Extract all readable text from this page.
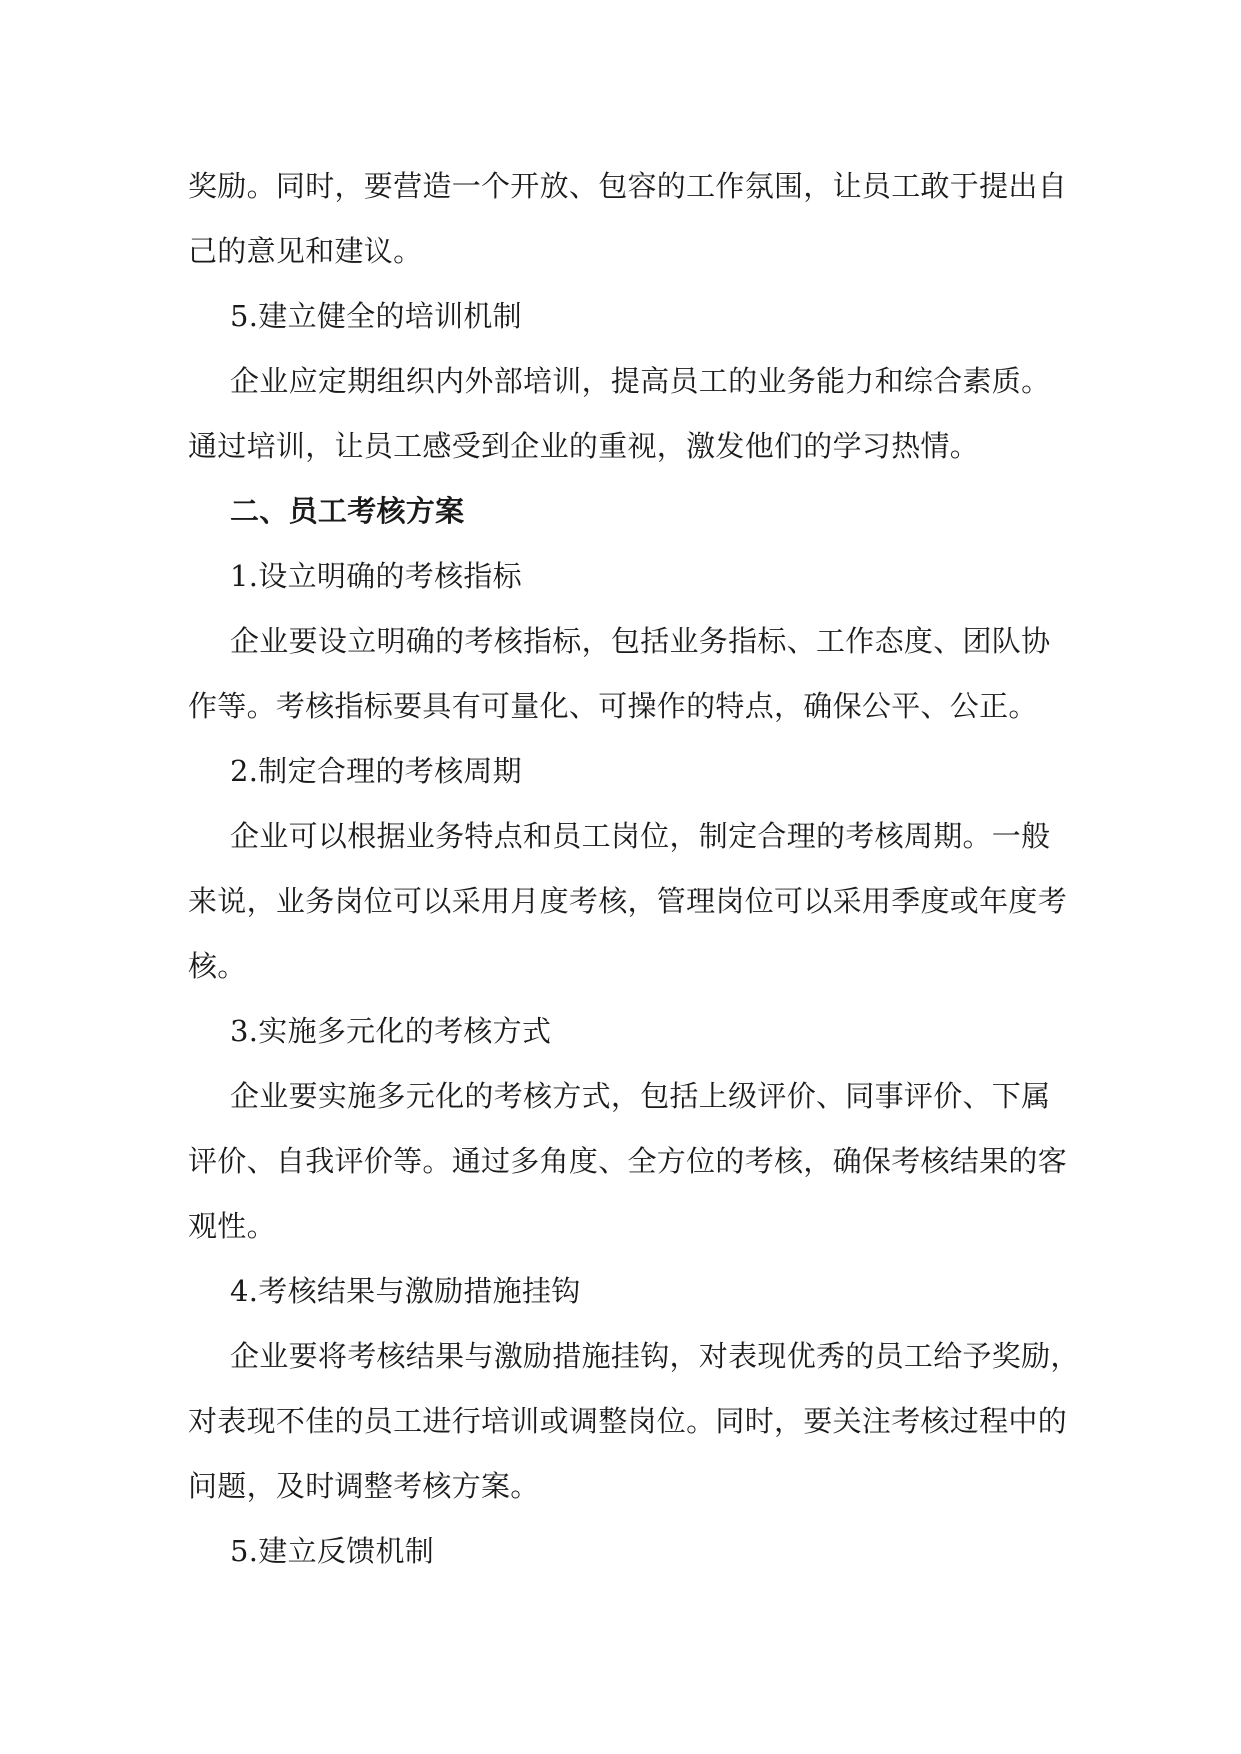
奖励。同时，要营造一个开放、包容的工作氛围，让员工敢于提出自
己的意见和建议。
5.建立健全的培训机制
企业应定期组织内外部培训，提高员工的业务能力和综合素质。
通过培训，让员工感受到企业的重视，激发他们的学习热情。
二、员工考核方案
1.设立明确的考核指标
企业要设立明确的考核指标，包括业务指标、工作态度、团队协
作等。考核指标要具有可量化、可操作的特点，确保公平、公正。
2.制定合理的考核周期
企业可以根据业务特点和员工岗位，制定合理的考核周期。一般
来说，业务岗位可以采用月度考核，管理岗位可以采用季度或年度考
核。
3.实施多元化的考核方式
企业要实施多元化的考核方式，包括上级评价、同事评价、下属
评价、自我评价等。通过多角度、全方位的考核，确保考核结果的客
观性。
4.考核结果与激励措施挂钩
企业要将考核结果与激励措施挂钩，对表现优秀的员工给予奖励，
对表现不佳的员工进行培训或调整岗位。同时，要关注考核过程中的
问题，及时调整考核方案。
5.建立反馈机制
